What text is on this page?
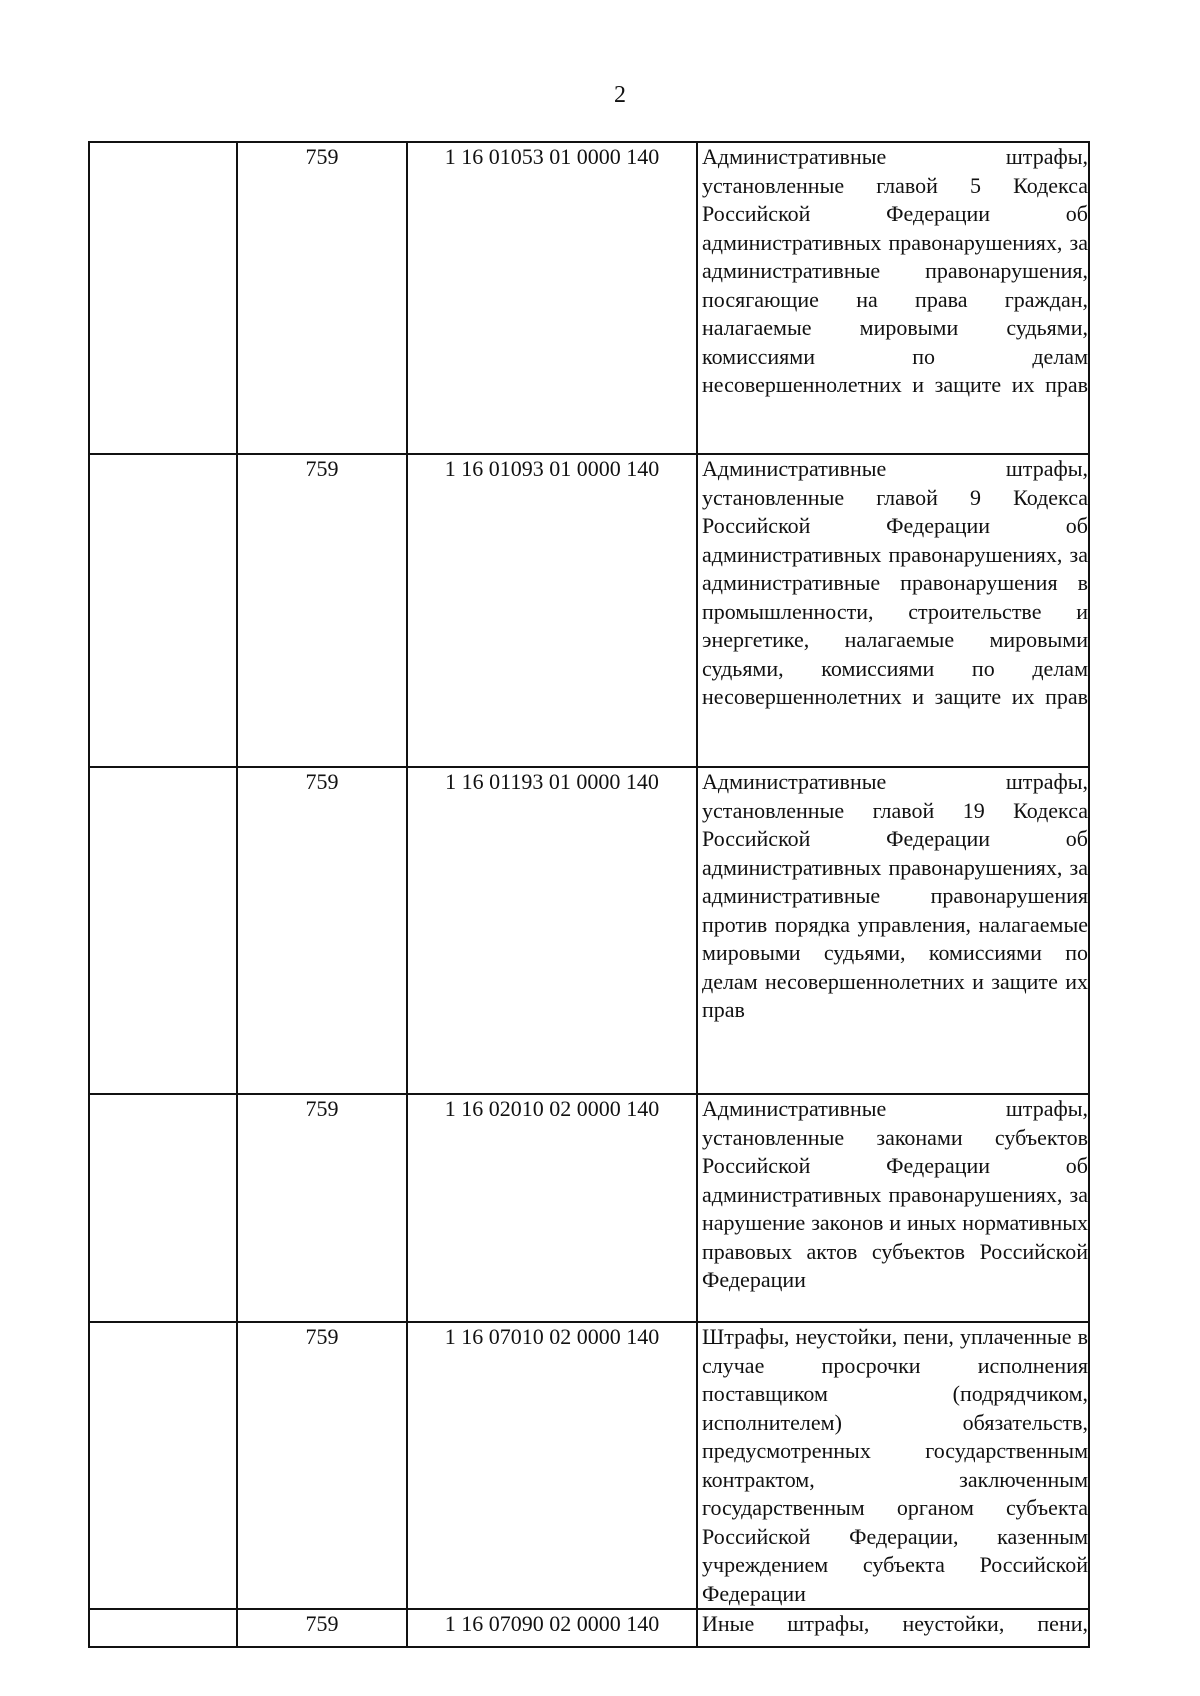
2
	759	1 16 01053 01 0000 140	Административные штрафы, установленные главой 5 Кодекса Российской Федерации об административных правонарушениях, за административные правонарушения, посягающие на права граждан, налагаемые мировыми судьями, комиссиями по делам несовершеннолетних и защите их прав
	759	1 16 01093 01 0000 140	Административные штрафы, установленные главой 9 Кодекса Российской Федерации об административных правонарушениях, за административные правонарушения в промышленности, строительстве и энергетике, налагаемые мировыми судьями, комиссиями по делам несовершеннолетних и защите их прав
	759	1 16 01193 01 0000 140	Административные штрафы, установленные главой 19 Кодекса Российской Федерации об административных правонарушениях, за административные правонарушения против порядка управления, налагаемые мировыми судьями, комиссиями по делам несовершеннолетних и защите их прав
	759	1 16 02010 02 0000 140	Административные штрафы, установленные законами субъектов Российской Федерации об административных правонарушениях, за нарушение законов и иных нормативных правовых актов субъектов Российской Федерации
	759	1 16 07010 02 0000 140	Штрафы, неустойки, пени, уплаченные в случае просрочки исполнения поставщиком (подрядчиком, исполнителем) обязательств, предусмотренных государственным контрактом, заключенным государственным органом субъекта Российской Федерации, казенным учреждением субъекта Российской Федерации
	759	1 16 07090 02 0000 140	Иные штрафы, неустойки, пени,
